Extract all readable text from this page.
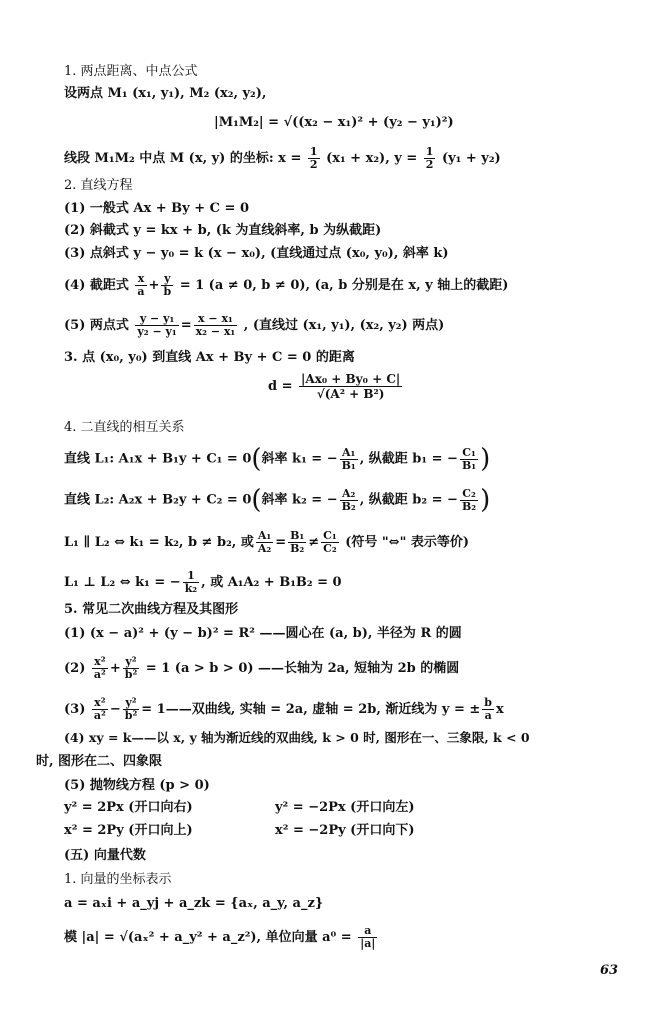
1. 两点距离、中点公式
设两点 M₁ (x₁, y₁), M₂ (x₂, y₂),
|M₁M₂| = √((x₂ − x₁)² + (y₂ − y₁)²)
线段 M₁M₂ 中点 M (x, y) 的坐标: $x = \frac{1}{2} (x_1 + x_2)$, $y = \frac{1}{2} (y_1 + y_2)$
2. 直线方程
(1) 一般式 Ax + By + C = 0
(2) 斜截式 y = kx + b, (k 为直线斜率, b 为纵截距)
(3) 点斜式 y − y₀ = k (x − x₀), (直线通过点 (x₀, y₀), 斜率 k)
(4) 截距式 $\frac{x}{a} + \frac{y}{b} = 1$ (a ≠ 0, b ≠ 0), (a, b 分别是在 x, y 轴上的截距)
(5) 两点式 $\frac{\text{y − y₁}}{\text{y₂ − y₁}} = \frac{\text{x − x₁}}{\text{x₂ − x₁}}$ , (直线过 (x₁, y₁), (x₂, y₂) 两点)
3. 点 (x₀, y₀) 到直线 Ax + By + C = 0 的距离
$d = \frac{\text{|Ax₀ + By₀ + C|}}{\text{√(A² + B²)}}$
4. 二直线的相互关系
直线 L₁: A₁x + B₁y + C₁ = 0(斜率 k₁ = − $\frac{\text{A₁}}{\text{B₁}}$ , 纵截距 b₁ = − $\frac{\text{C₁}}{\text{B₁}}$ )
直线 L₂: A₂x + B₂y + C₂ = 0(斜率 k₂ = − $\frac{\text{A₂}}{\text{B₂}}$ , 纵截距 b₂ = − $\frac{\text{C₂}}{\text{B₂}}$ )
L₁ ∥ L₂ ⇔ k₁ = k₂, b ≠ b₂, 或 $\frac{\text{A₁}}{\text{A₂}} = \frac{\text{B₁}}{\text{B₂}} \ne \frac{\text{C₁}}{\text{C₂}}$ (符号 "⇔" 表示等价)
L₁ ⊥ L₂ ⇔ k₁ = − $\frac{1}{\text{k₂}}$ , 或 A₁A₂ + B₁B₂ = 0
5. 常见二次曲线方程及其图形
(1) (x − a)² + (y − b)² = R² ——圆心在 (a, b), 半径为 R 的圆
$(2) \frac{\text{x²}}{\text{a²}} + \frac{\text{y²}}{\text{b²}} = 1$ (a > b > 0) ——长轴为 2a, 短轴为 2b 的椭圆
$(3) \frac{\text{x²}}{\text{a²}} - \frac{\text{y²}}{\text{b²}}$ = 1——双曲线, 实轴 = 2a, 虚轴 = 2b, 渐近线为 y = ± $\frac{b}{a}$ x
(4) xy = k——以 x, y 轴为渐近线的双曲线, k > 0 时, 图形在一、三象限, k < 0
时, 图形在二、四象限
(5) 抛物线方程 (p > 0)
y² = 2Px (开口向右)	y² = −2Px (开口向左)
x² = 2Py (开口向上)	x² = −2Py (开口向下)
(五) 向量代数
1. 向量的坐标表示
a = aₓi + a_yj + a_zk = {aₓ, a_y, a_z}
模 |a| = √(aₓ² + a_y² + a_z²), 单位向量 $a^0 = \frac{a}{|a|}$
63
